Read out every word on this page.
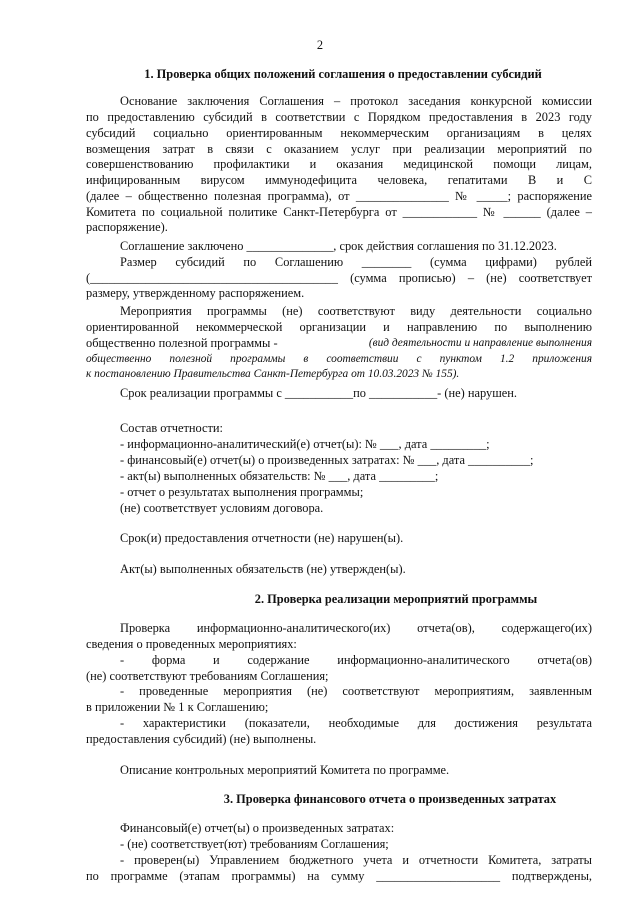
2
1. Проверка общих положений соглашения о предоставлении субсидий
Основание заключения Соглашения – протокол заседания конкурсной комиссии
по предоставлению субсидий в соответствии с Порядком предоставления в 2023 году
субсидий социально ориентированным некоммерческим организациям в целях
возмещения затрат в связи с оказанием услуг при реализации мероприятий по
совершенствованию профилактики и оказания медицинской помощи лицам,
инфицированным вирусом иммунодефицита человека, гепатитами В и С
(далее – общественно полезная программа), от _______________ № _____; распоряжение
Комитета по социальной политике Санкт-Петербурга от ____________ № ______ (далее –
распоряжение).
Соглашение заключено ______________, срок действия соглашения по 31.12.2023.
Размер субсидий по Соглашению ________ (сумма цифрами) рублей
(________________________________________ (сумма прописью) – (не) соответствует
размеру, утвержденному распоряжением.
Мероприятия программы (не) соответствуют виду деятельности социально
ориентированной некоммерческой организации и направлению по выполнению
общественно полезной программы -	(вид деятельности и направление выполнения
общественно полезной программы в соответствии с пунктом 1.2 приложения
к постановлению Правительства Санкт-Петербурга от 10.03.2023 № 155).
Срок реализации программы с ___________по ___________- (не) нарушен.
Состав отчетности:
- информационно-аналитический(е) отчет(ы): № ___, дата _________;
- финансовый(е) отчет(ы) о произведенных затратах: № ___, дата __________;
- акт(ы) выполненных обязательств: № ___, дата _________;
- отчет о результатах выполнения программы;
(не) соответствует условиям договора.
Срок(и) предоставления отчетности (не) нарушен(ы).
Акт(ы) выполненных обязательств (не) утвержден(ы).
2. Проверка реализации мероприятий программы
Проверка информационно-аналитического(их) отчета(ов), содержащего(их)
сведения о проведенных мероприятиях:
- форма и содержание информационно-аналитического отчета(ов)
(не) соответствуют требованиям Соглашения;
- проведенные мероприятия (не) соответствуют мероприятиям, заявленным
в приложении № 1 к Соглашению;
- характеристики (показатели, необходимые для достижения результата
предоставления субсидий) (не) выполнены.
Описание контрольных мероприятий Комитета по программе.
3. Проверка финансового отчета о произведенных затратах
Финансовый(е) отчет(ы) о произведенных затратах:
- (не) соответствует(ют) требованиям Соглашения;
- проверен(ы) Управлением бюджетного учета и отчетности Комитета, затраты
по программе (этапам программы) на сумму ____________________ подтверждены,
